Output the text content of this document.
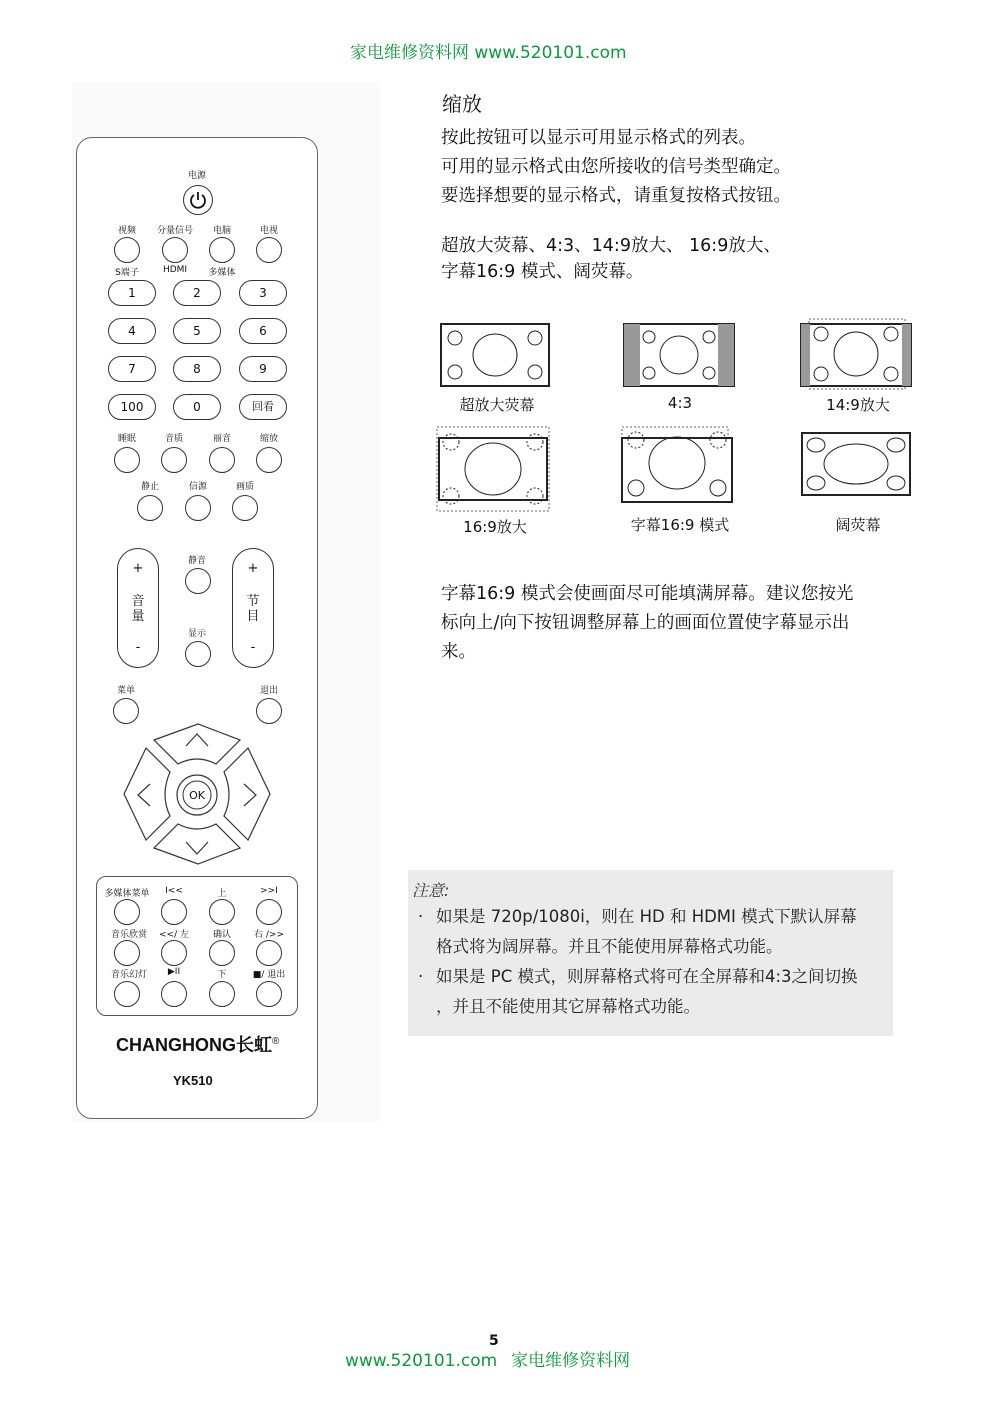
家电维修资料网 www.520101.com
5
www.520101.com 家电维修资料网
电源
视频 分量信号 电脑	电视
S端子	HDMI 多媒体
1	2	3
4	5	6
7	8	9
100	0	回看
睡眠	音质	丽音	缩放
静止	信源	画质
+
音
量
-
+
节
目
-
静音
显示
菜单	退出
OK
多媒体菜单 I<<	上	>>I
音乐欣赏 <</ 左	确认	右 />>
音乐幻灯 ▶II	下	■/ 退出
CHANGHONG长虹®
YK510
缩放
按此按钮可以显示可用显示格式的列表。
可用的显示格式由您所接收的信号类型确定。
要选择想要的显示格式，请重复按格式按钮。
超放大荧幕、4:3、14:9放大、 16:9放大、
字幕16:9 模式、阔荧幕。
超放大荧幕	4:3	14:9放大
16:9放大	字幕16:9 模式	阔荧幕
字幕16:9 模式会使画面尽可能填满屏幕。建议您按光
标向上/向下按钮调整屏幕上的画面位置使字幕显示出
来。
注意:
· 如果是 720p/1080i，则在 HD 和 HDMI 模式下默认屏幕
格式将为阔屏幕。并且不能使用屏幕格式功能。
· 如果是 PC 模式，则屏幕格式将可在全屏幕和4:3之间切换
，并且不能使用其它屏幕格式功能。
